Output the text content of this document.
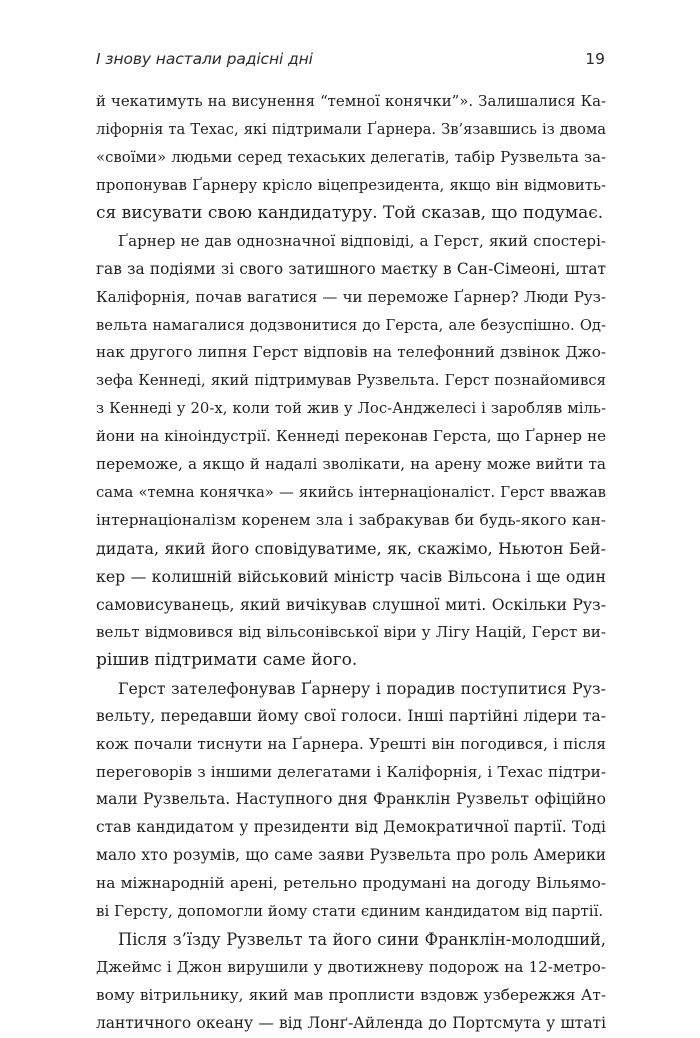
І знову настали радісні дні	19
й чекатимуть на висунення “темної конячки”». Залишалися Ка-
ліфорнія та Техас, які підтримали Ґарнера. Зв’язавшись із двома
«своїми» людьми серед техаських делегатів, табір Рузвельта за-
пропонував Ґарнеру крісло віцепрезидента, якщо він відмовить-
ся висувати свою кандидатуру. Той сказав, що подумає.
Ґарнер не дав однозначної відповіді, а Герст, який спостері-
гав за подіями зі свого затишного маєтку в Сан-Сімеоні, штат
Каліфорнія, почав вагатися — чи переможе Ґарнер? Люди Руз-
вельта намагалися додзвонитися до Герста, але безуспішно. Од-
нак другого липня Герст відповів на телефонний дзвінок Джо-
зефа Кеннеді, який підтримував Рузвельта. Герст познайомився
з Кеннеді у 20-х, коли той жив у Лос-Анджелесі і заробляв міль-
йони на кіноіндустрії. Кеннеді переконав Герста, що Ґарнер не
переможе, а якщо й надалі зволікати, на арену може вийти та
сама «темна конячка» — якийсь інтернаціоналіст. Герст вважав
інтернаціоналізм коренем зла і забракував би будь-якого кан-
дидата, який його сповідуватиме, як, скажімо, Ньютон Бей-
кер — колишній військовий міністр часів Вільсона і ще один
самовисуванець, який вичікував слушної миті. Оскільки Руз-
вельт відмовився від вільсонівської віри у Лігу Націй, Герст ви-
рішив підтримати саме його.
Герст зателефонував Ґарнеру і порадив поступитися Руз-
вельту, передавши йому свої голоси. Інші партійні лідери та-
кож почали тиснути на Ґарнера. Урешті він погодився, і після
переговорів з іншими делегатами і Каліфорнія, і Техас підтри-
мали Рузвельта. Наступного дня Франклін Рузвельт офіційно
став кандидатом у президенти від Демократичної партії. Тоді
мало хто розумів, що саме заяви Рузвельта про роль Америки
на міжнародній арені, ретельно продумані на догоду Вільямо-
ві Герсту, допомогли йому стати єдиним кандидатом від партії.
Після з’їзду Рузвельт та його сини Франклін-молодший,
Джеймс і Джон вирушили у двотижневу подорож на 12-метро-
вому вітрильнику, який мав проплисти вздовж узбережжя Ат-
лантичного океану — від Лонґ-Айленда до Портсмута у штаті
